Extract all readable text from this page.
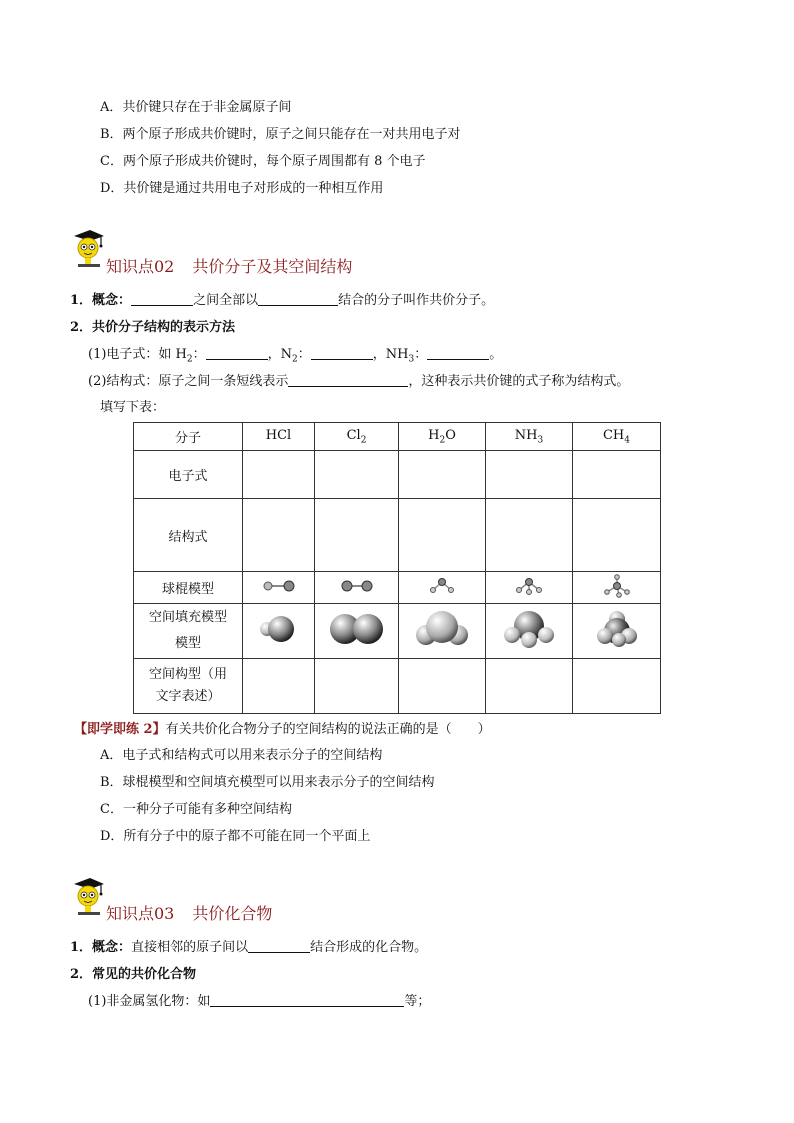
A．共价键只存在于非金属原子间
B．两个原子形成共价键时，原子之间只能存在一对共用电子对
C．两个原子形成共价键时，每个原子周围都有 8 个电子
D．共价键是通过共用电子对形成的一种相互作用
知识点02 共价分子及其空间结构
1．概念：	之间全部以	结合的分子叫作共价分子。
2．共价分子结构的表示方法
(1)电子式：如 $H_2$：	，$N_2$：	，$NH_3$：	。
(2)结构式：原子之间一条短线表示	，这种表示共价键的式子称为结构式。
填写下表：
分子	HCl	$Cl_2$	$H_2O$	$NH_3$	$CH_4$
电子式					
结构式					
球棍模型					
空间填充模型
模型					
空间构型（用
文字表述）					
【即学即练 2】有关共价化合物分子的空间结构的说法正确的是（　　）
A．电子式和结构式可以用来表示分子的空间结构
B．球棍模型和空间填充模型可以用来表示分子的空间结构
C．一种分子可能有多种空间结构
D．所有分子中的原子都不可能在同一个平面上
知识点03 共价化合物
1．概念：直接相邻的原子间以	结合形成的化合物。
2．常见的共价化合物
(1)非金属氢化物：如	等；
